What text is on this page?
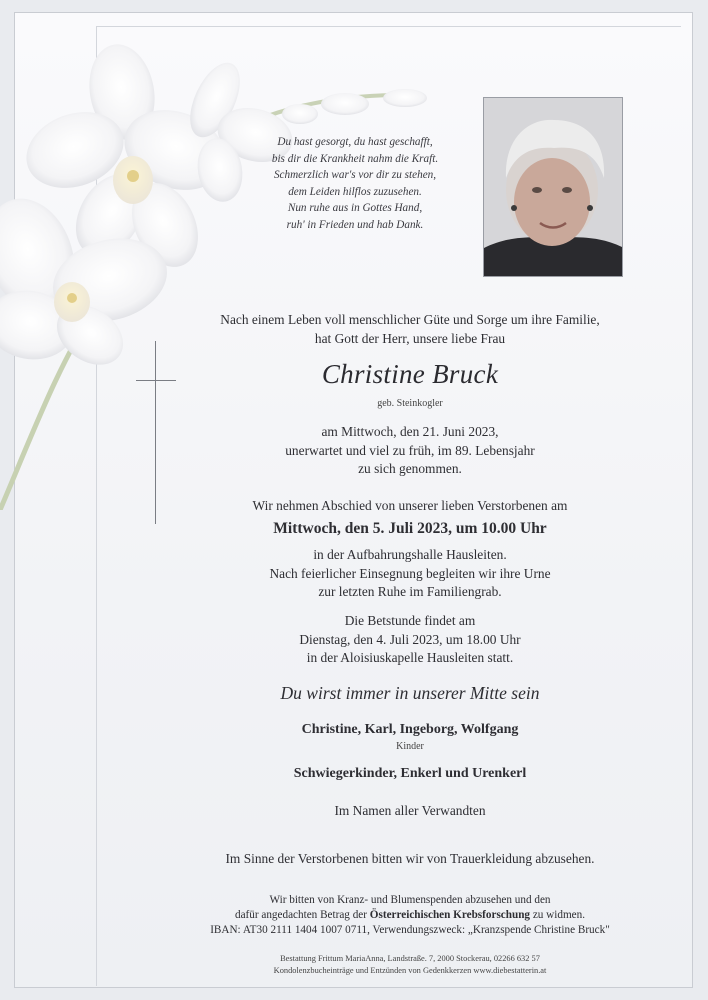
Du hast gesorgt, du hast geschafft,
bis dir die Krankheit nahm die Kraft.
Schmerzlich war's vor dir zu stehen,
dem Leiden hilflos zuzusehen.
Nun ruhe aus in Gottes Hand,
ruh' in Frieden und hab Dank.
Nach einem Leben voll menschlicher Güte und Sorge um ihre Familie,
hat Gott der Herr, unsere liebe Frau
Christine Bruck
geb. Steinkogler
am Mittwoch, den 21. Juni 2023,
unerwartet und viel zu früh, im 89. Lebensjahr
zu sich genommen.
Wir nehmen Abschied von unserer lieben Verstorbenen am
Mittwoch, den 5. Juli 2023, um 10.00 Uhr
in der Aufbahrungshalle Hausleiten.
Nach feierlicher Einsegnung begleiten wir ihre Urne
zur letzten Ruhe im Familiengrab.
Die Betstunde findet am
Dienstag, den 4. Juli 2023, um 18.00 Uhr
in der Aloisiuskapelle Hausleiten statt.
Du wirst immer in unserer Mitte sein
Christine, Karl, Ingeborg, Wolfgang
Kinder
Schwiegerkinder, Enkerl und Urenkerl
Im Namen aller Verwandten
Im Sinne der Verstorbenen bitten wir von Trauerkleidung abzusehen.
Wir bitten von Kranz- und Blumenspenden abzusehen und den
dafür angedachten Betrag der Österreichischen Krebsforschung zu widmen.
IBAN: AT30 2111 1404 1007 0711, Verwendungszweck: „Kranzspende Christine Bruck"
Bestattung Frittum MariaAnna, Landstraße. 7, 2000 Stockerau, 02266 632 57
Kondolenzbucheinträge und Entzünden von Gedenkkerzen www.diebestatterin.at
